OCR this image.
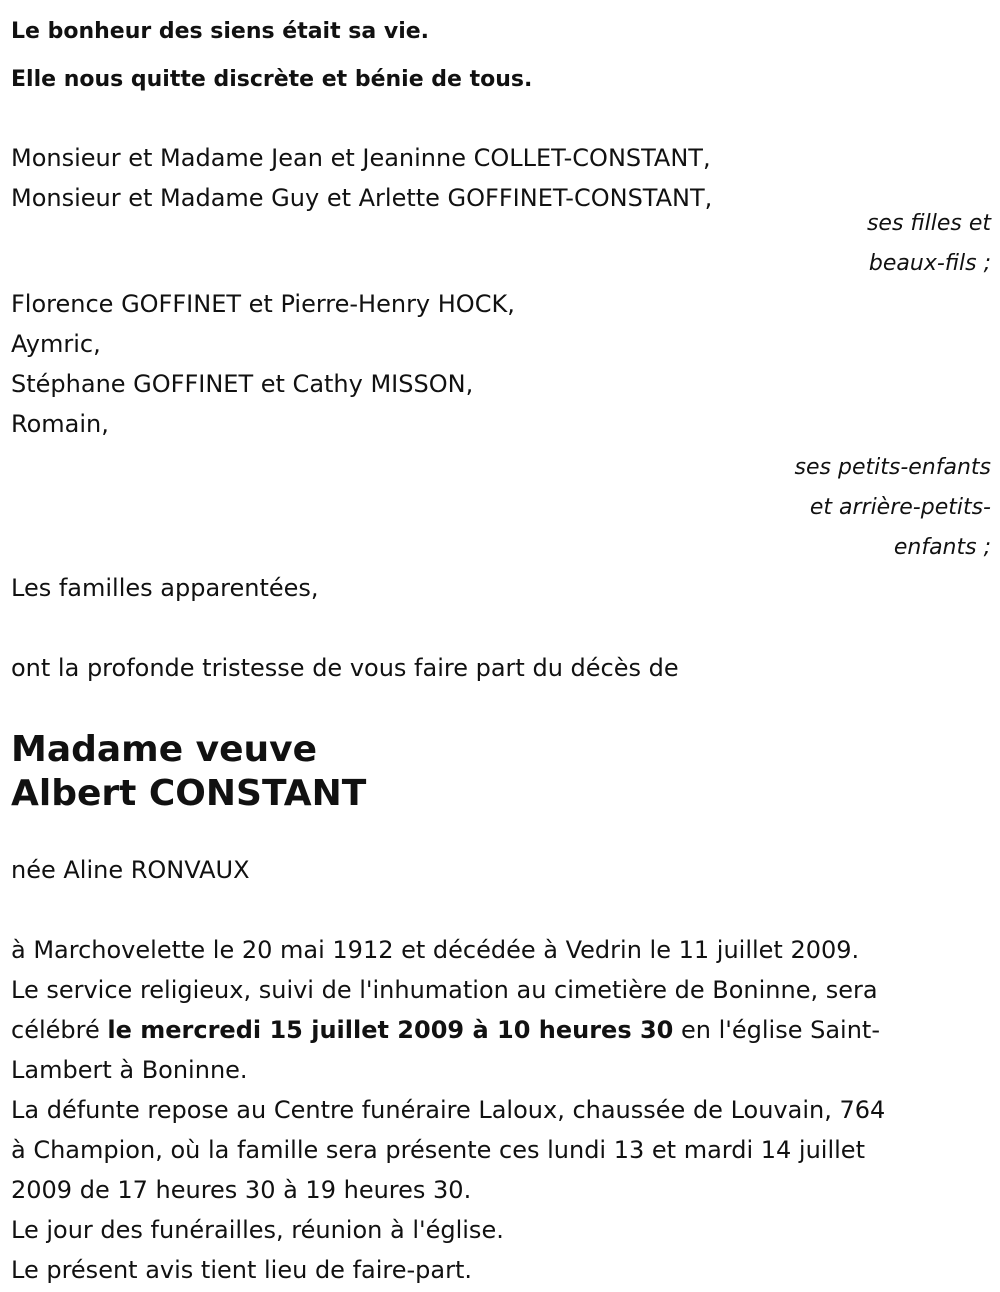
Le bonheur des siens était sa vie.

Elle nous quitte discrète et bénie de tous.

Monsieur et Madame Jean et Jeaninne COLLET-CONSTANT,

Monsieur et Madame Guy et Arlette GOFFINET-CONSTANT,

ses filles et

beaux-fils ;

Florence GOFFINET et Pierre-Henry HOCK,

Aymric,

Stéphane GOFFINET et Cathy MISSON,

Romain,

ses petits-enfants

et arrière-petits-

enfants ;

Les familles apparentées,

ont la profonde tristesse de vous faire part du décès de

Madame veuve

Albert CONSTANT

née Aline RONVAUX

à Marchovelette le 20 mai 1912 et décédée à Vedrin le 11 juillet 2009.

Le service religieux, suivi de l'inhumation au cimetière de Boninne, sera

célébré le mercredi 15 juillet 2009 à 10 heures 30 en l'église Saint-

Lambert à Boninne.

La défunte repose au Centre funéraire Laloux, chaussée de Louvain, 764

à Champion, où la famille sera présente ces lundi 13 et mardi 14 juillet

2009 de 17 heures 30 à 19 heures 30.

Le jour des funérailles, réunion à l'église.

Le présent avis tient lieu de faire-part.
